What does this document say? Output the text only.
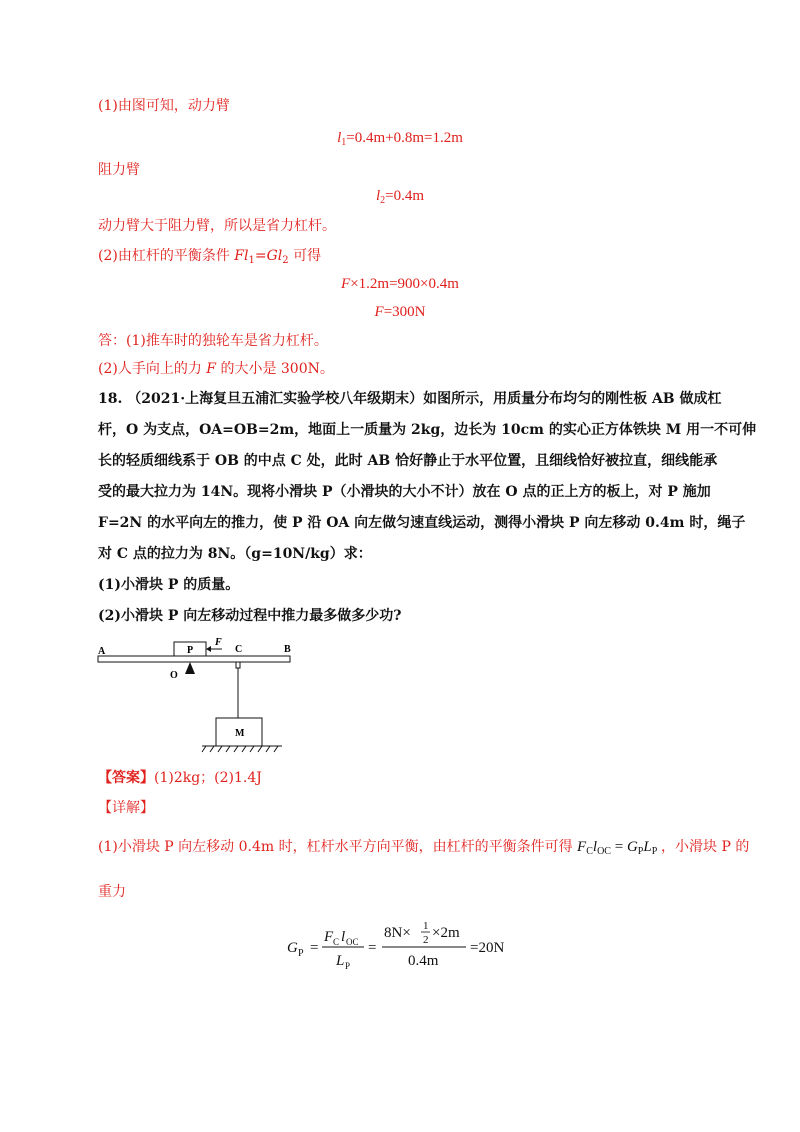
(1)由图可知，动力臂
$l_1=0.4m+0.8m=1.2m$
阻力臂
$l_2=0.4m$
动力臂大于阻力臂，所以是省力杠杆。
(2)由杠杆的平衡条件 $Fl_1=Gl_2$ 可得
F×1.2m=900×0.4m
F=300N
答：(1)推车时的独轮车是省力杠杆。
(2)人手向上的力 F 的大小是 300N。
18. （2021·上海复旦五浦汇实验学校八年级期末）如图所示，用质量分布均匀的刚性板 AB 做成杠
杆，O 为支点，OA=OB=2m，地面上一质量为 2kg，边长为 10cm 的实心正方体铁块 M 用一不可伸
长的轻质细线系于 OB 的中点 C 处，此时 AB 恰好静止于水平位置，且细线恰好被拉直，细线能承
受的最大拉力为 14N。现将小滑块 P（小滑块的大小不计）放在 O 点的正上方的板上，对 P 施加
F=2N 的水平向左的推力，使 P 沿 OA 向左做匀速直线运动，测得小滑块 P 向左移动 0.4m 时，绳子
对 C 点的拉力为 8N。（g=10N/kg）求：
(1)小滑块 P 的质量。
(2)小滑块 P 向左移动过程中推力最多做多少功?
P
F
A	B
C
O
M
【答案】(1)2kg；(2)1.4J
【详解】
(1)小滑块 P 向左移动 0.4m 时，杠杆水平方向平衡，由杠杆的平衡条件可得 $F_Cl_{OC} = G_PL_P$ ，小滑块 P 的
重力
G P =
F C l OC
L P
=
8N× 1
2 ×2m
0.4m
=20N
